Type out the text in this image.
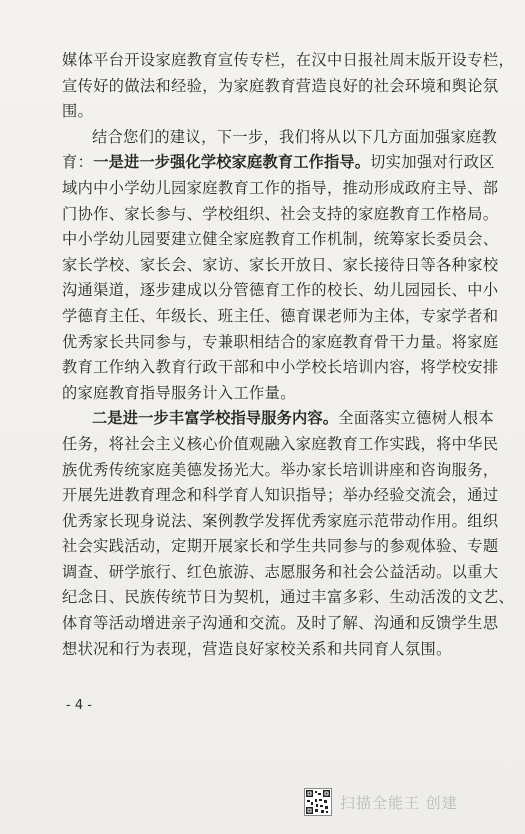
媒体平台开设家庭教育宣传专栏，在汉中日报社周末版开设专栏，
宣传好的做法和经验，为家庭教育营造良好的社会环境和舆论氛
围。
结合您们的建议，下一步，我们将从以下几方面加强家庭教
育：一是进一步强化学校家庭教育工作指导。切实加强对行政区
域内中小学幼儿园家庭教育工作的指导，推动形成政府主导、部
门协作、家长参与、学校组织、社会支持的家庭教育工作格局。
中小学幼儿园要建立健全家庭教育工作机制，统筹家长委员会、
家长学校、家长会、家访、家长开放日、家长接待日等各种家校
沟通渠道，逐步建成以分管德育工作的校长、幼儿园园长、中小
学德育主任、年级长、班主任、德育课老师为主体，专家学者和
优秀家长共同参与，专兼职相结合的家庭教育骨干力量。将家庭
教育工作纳入教育行政干部和中小学校长培训内容，将学校安排
的家庭教育指导服务计入工作量。
二是进一步丰富学校指导服务内容。全面落实立德树人根本
任务，将社会主义核心价值观融入家庭教育工作实践，将中华民
族优秀传统家庭美德发扬光大。举办家长培训讲座和咨询服务，
开展先进教育理念和科学育人知识指导；举办经验交流会，通过
优秀家长现身说法、案例教学发挥优秀家庭示范带动作用。组织
社会实践活动，定期开展家长和学生共同参与的参观体验、专题
调查、研学旅行、红色旅游、志愿服务和社会公益活动。以重大
纪念日、民族传统节日为契机，通过丰富多彩、生动活泼的文艺、
体育等活动增进亲子沟通和交流。及时了解、沟通和反馈学生思
想状况和行为表现，营造良好家校关系和共同育人氛围。
- 4 -
扫描全能王 创建
